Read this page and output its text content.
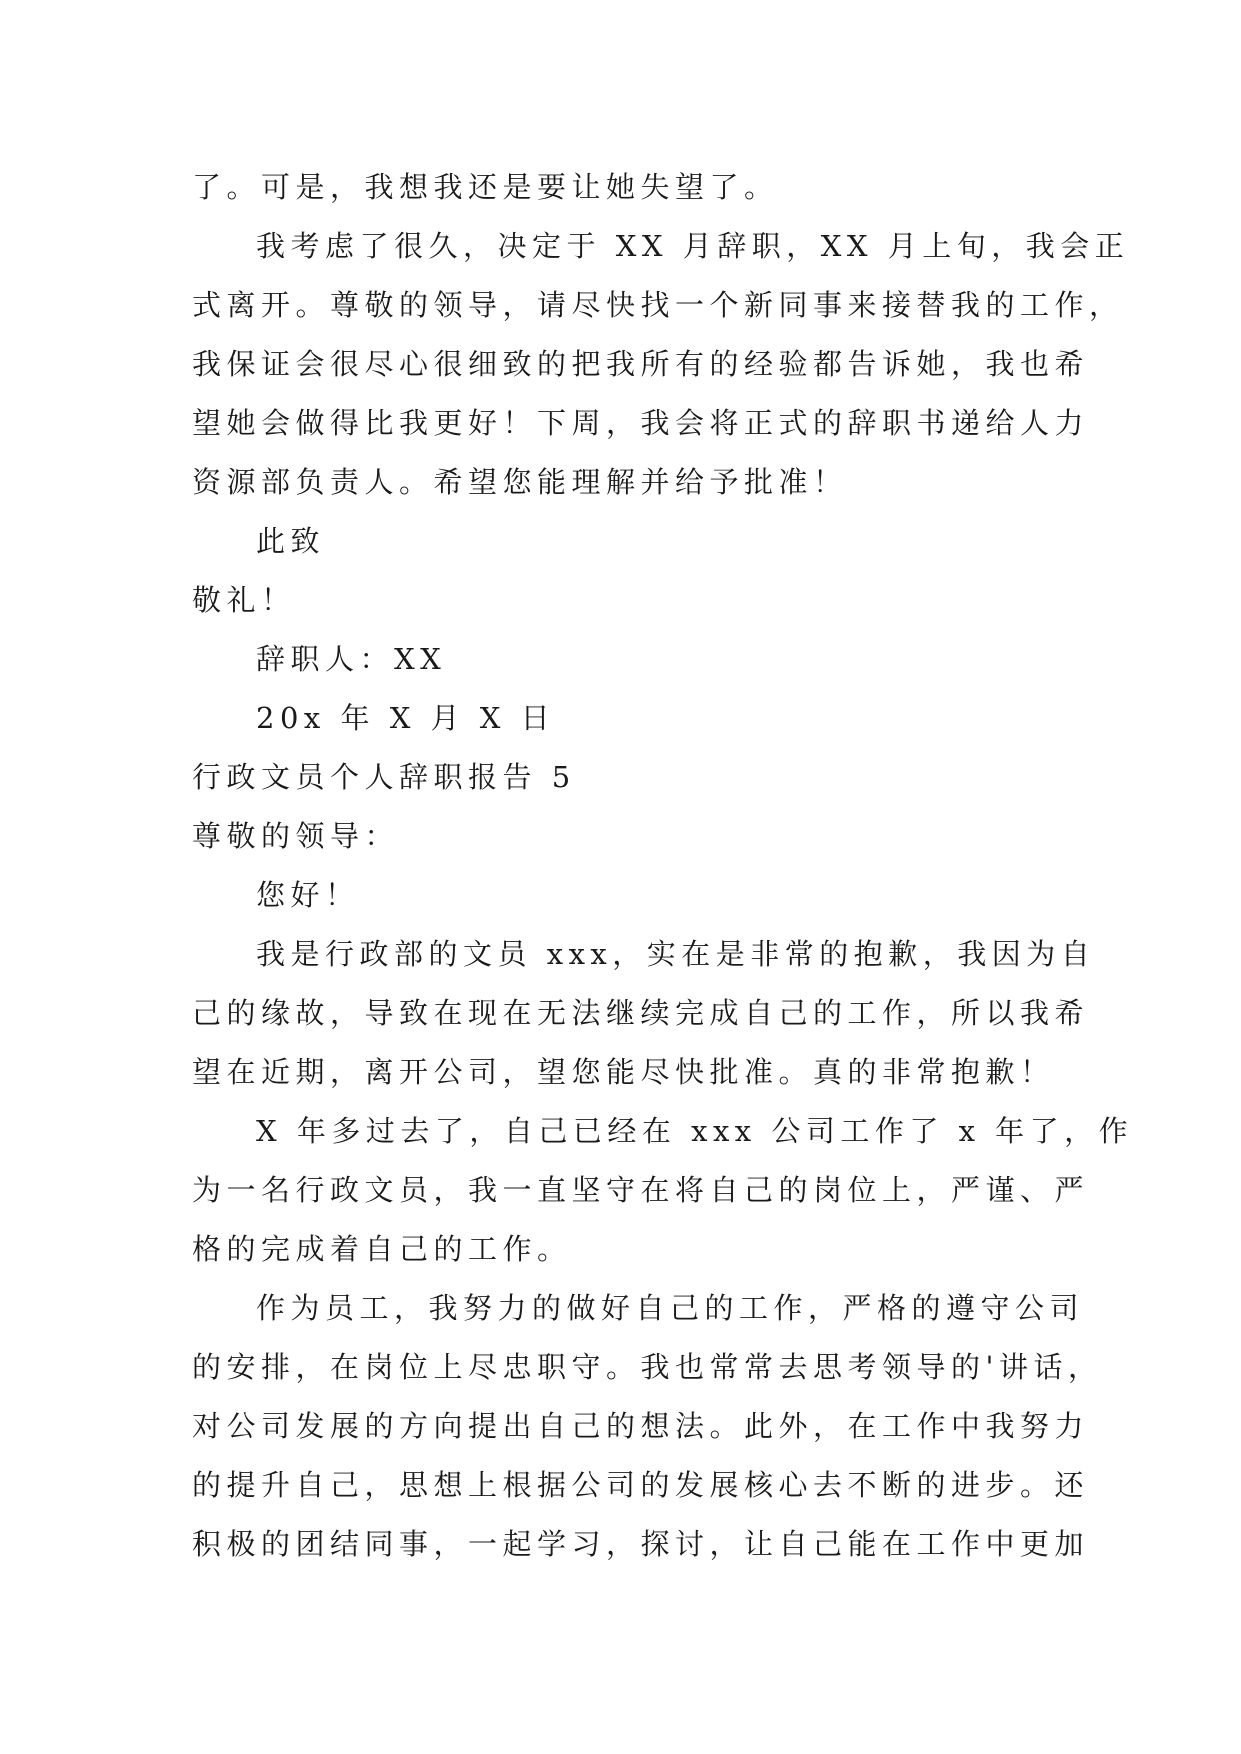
了。可是，我想我还是要让她失望了。
我考虑了很久，决定于 XX 月辞职，XX 月上旬，我会正
式离开。尊敬的领导，请尽快找一个新同事来接替我的工作，
我保证会很尽心很细致的把我所有的经验都告诉她，我也希
望她会做得比我更好！下周，我会将正式的辞职书递给人力
资源部负责人。希望您能理解并给予批准！
此致
敬礼！
辞职人：XX
20x 年 X 月 X 日
行政文员个人辞职报告 5
尊敬的领导：
您好！
我是行政部的文员 xxx，实在是非常的抱歉，我因为自
己的缘故，导致在现在无法继续完成自己的工作，所以我希
望在近期，离开公司，望您能尽快批准。真的非常抱歉！
X 年多过去了，自己已经在 xxx 公司工作了 x 年了，作
为一名行政文员，我一直坚守在将自己的岗位上，严谨、严
格的完成着自己的工作。
作为员工，我努力的做好自己的工作，严格的遵守公司
的安排，在岗位上尽忠职守。我也常常去思考领导的'讲话，
对公司发展的方向提出自己的想法。此外，在工作中我努力
的提升自己，思想上根据公司的发展核心去不断的进步。还
积极的团结同事，一起学习，探讨，让自己能在工作中更加
